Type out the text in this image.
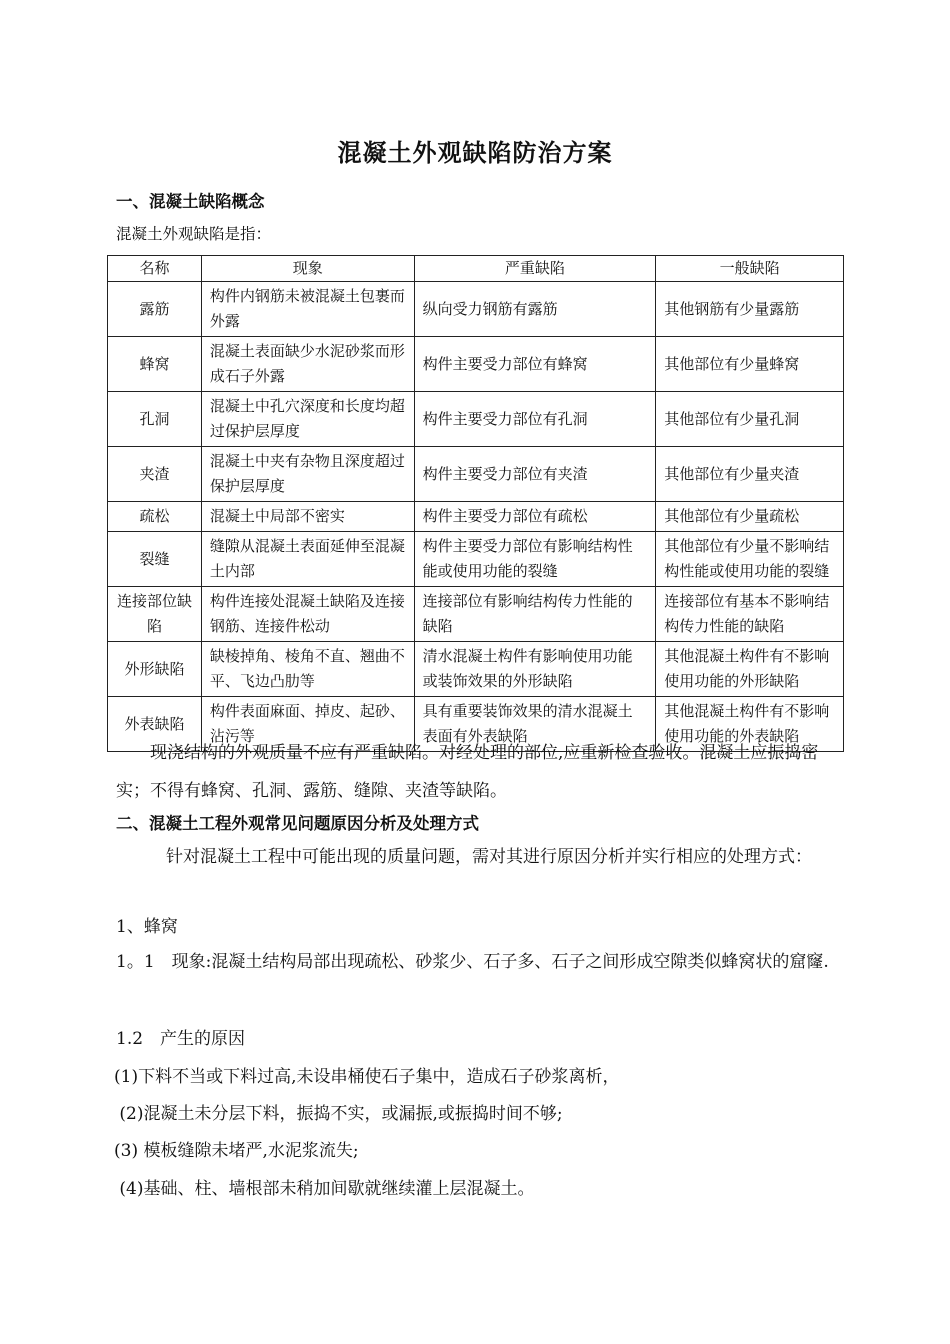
混凝土外观缺陷防治方案
一、混凝土缺陷概念
混凝土外观缺陷是指：
名称	现象	严重缺陷	一般缺陷
露筋	构件内钢筋未被混凝土包裹而外露	纵向受力钢筋有露筋	其他钢筋有少量露筋
蜂窝	混凝土表面缺少水泥砂浆而形成石子外露	构件主要受力部位有蜂窝	其他部位有少量蜂窝
孔洞	混凝土中孔穴深度和长度均超过保护层厚度	构件主要受力部位有孔洞	其他部位有少量孔洞
夹渣	混凝土中夹有杂物且深度超过保护层厚度	构件主要受力部位有夹渣	其他部位有少量夹渣
疏松	混凝土中局部不密实	构件主要受力部位有疏松	其他部位有少量疏松
裂缝	缝隙从混凝土表面延伸至混凝土内部	构件主要受力部位有影响结构性能或使用功能的裂缝	其他部位有少量不影响结构性能或使用功能的裂缝
连接部位缺陷	构件连接处混凝土缺陷及连接钢筋、连接件松动	连接部位有影响结构传力性能的缺陷	连接部位有基本不影响结构传力性能的缺陷
外形缺陷	缺棱掉角、棱角不直、翘曲不平、飞边凸肋等	清水混凝土构件有影响使用功能或装饰效果的外形缺陷	其他混凝土构件有不影响使用功能的外形缺陷
外表缺陷	构件表面麻面、掉皮、起砂、沾污等	具有重要装饰效果的清水混凝土表面有外表缺陷	其他混凝土构件有不影响使用功能的外表缺陷
现浇结构的外观质量不应有严重缺陷。对经处理的部位,应重新检查验收。混凝土应振捣密实；不得有蜂窝、孔洞、露筋、缝隙、夹渣等缺陷。
二、混凝土工程外观常见问题原因分析及处理方式
针对混凝土工程中可能出现的质量问题，需对其进行原因分析并实行相应的处理方式：
1、蜂窝
1。1　现象:混凝土结构局部出现疏松、砂浆少、石子多、石子之间形成空隙类似蜂窝状的窟窿.
1.2　产生的原因
(1)下料不当或下料过高,未设串桶使石子集中，造成石子砂浆离析，
(2)混凝土未分层下料，振捣不实，或漏振,或振捣时间不够;
(3) 模板缝隙未堵严,水泥浆流失;
(4)基础、柱、墙根部未稍加间歇就继续灌上层混凝土。
